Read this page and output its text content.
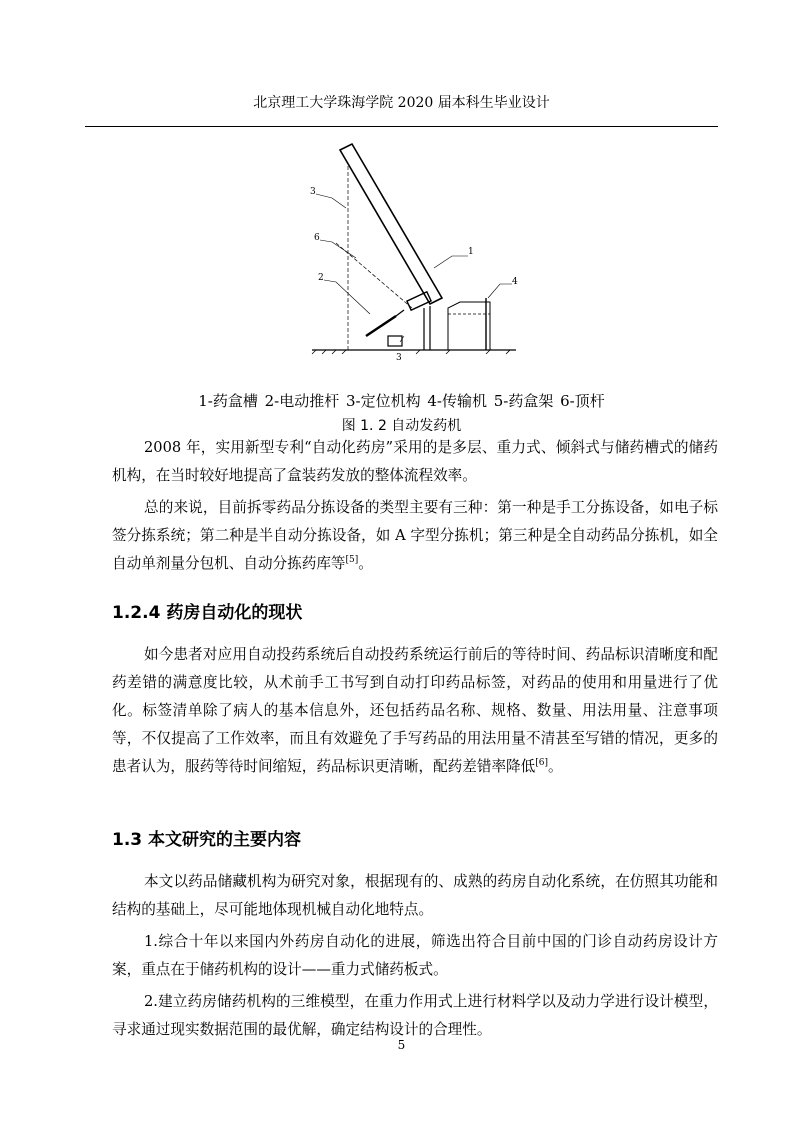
北京理工大学珠海学院 2020 届本科生毕业设计
3
6
2
1
4
3
1-药盒槽 2-电动推杆 3-定位机构 4-传输机 5-药盒架 6-顶杆
图 1. 2 自动发药机

2008 年，实用新型专利“自动化药房”采用的是多层、重力式、倾斜式与储药槽式的储药机构，在当时较好地提高了盒装药发放的整体流程效率。

总的来说，目前拆零药品分拣设备的类型主要有三种：第一种是手工分拣设备，如电子标签分拣系统；第二种是半自动分拣设备，如 A 字型分拣机；第三种是全自动药品分拣机，如全自动单剂量分包机、自动分拣药库等[5]。

1.2.4 药房自动化的现状

如今患者对应用自动投药系统后自动投药系统运行前后的等待时间、药品标识清晰度和配药差错的满意度比较，从术前手工书写到自动打印药品标签，对药品的使用和用量进行了优化。标签清单除了病人的基本信息外，还包括药品名称、规格、数量、用法用量、注意事项等，不仅提高了工作效率，而且有效避免了手写药品的用法用量不清甚至写错的情况，更多的患者认为，服药等待时间缩短，药品标识更清晰，配药差错率降低[6]。

1.3 本文研究的主要内容

本文以药品储藏机构为研究对象，根据现有的、成熟的药房自动化系统，在仿照其功能和结构的基础上，尽可能地体现机械自动化地特点。

1.综合十年以来国内外药房自动化的进展，筛选出符合目前中国的门诊自动药房设计方案，重点在于储药机构的设计——重力式储药板式。

2.建立药房储药机构的三维模型，在重力作用式上进行材料学以及动力学进行设计模型，寻求通过现实数据范围的最优解，确定结构设计的合理性。

5
